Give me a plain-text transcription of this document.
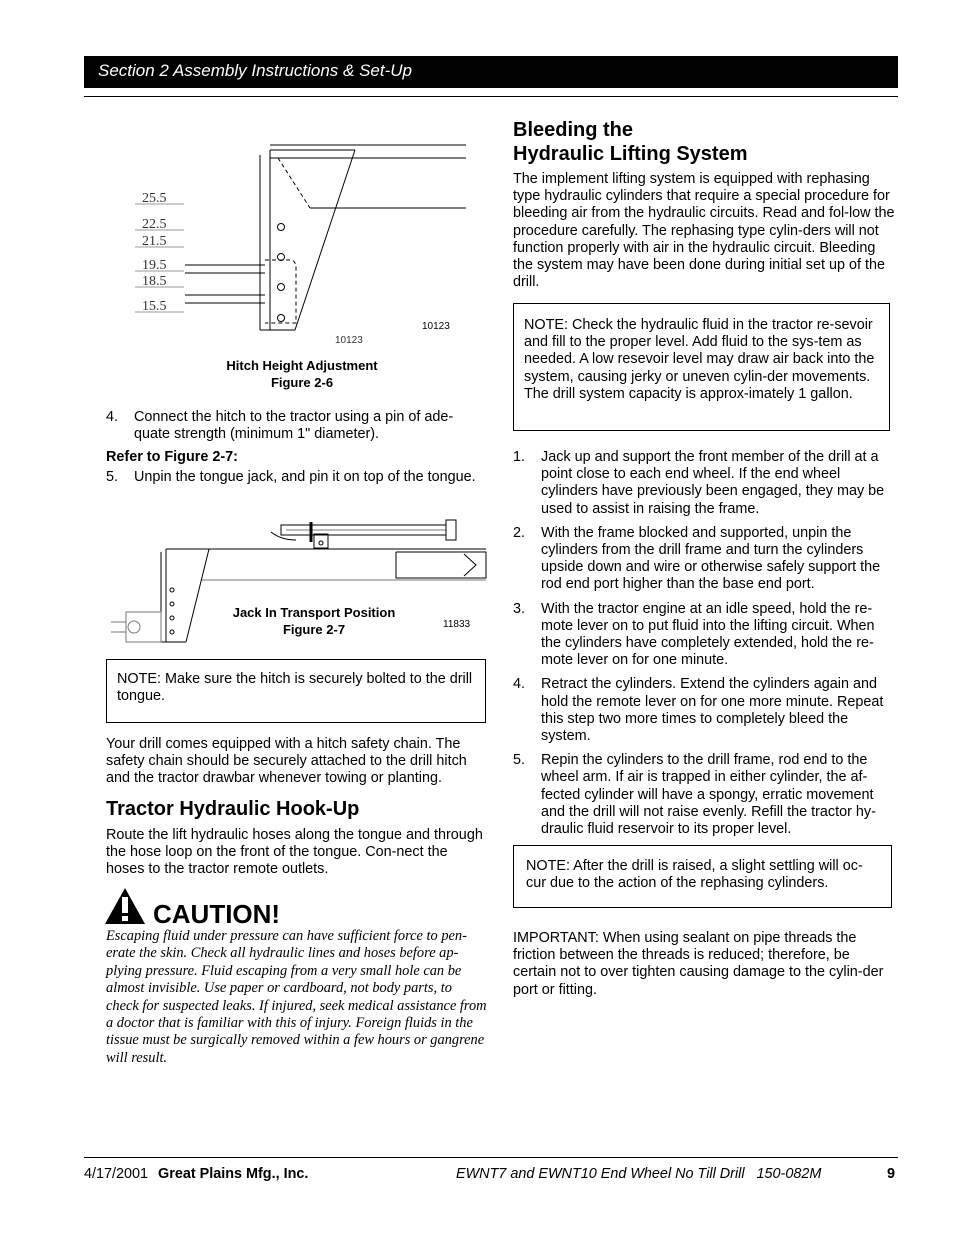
Section 2 Assembly Instructions & Set-Up
25.5
22.5
21.5
19.5
18.5
15.5
10123
10123
Hitch Height Adjustment
Figure 2-6

4. Connect the hitch to the tractor using a pin of ade-quate strength (minimum 1" diameter).

Refer to Figure 2-7:

5. Unpin the tongue jack, and pin it on top of the tongue.

11833
Jack In Transport Position
Figure 2-7
NOTE: Make sure the hitch is securely bolted to the drill tongue.

Your drill comes equipped with a hitch safety chain. The safety chain should be securely attached to the drill hitch and the tractor drawbar whenever towing or planting.

Tractor Hydraulic Hook-Up

Route the lift hydraulic hoses along the tongue and through the hose loop on the front of the tongue. Con-nect the hoses to the tractor remote outlets.

CAUTION!
Escaping fluid under pressure can have sufficient force to pen-erate the skin. Check all hydraulic lines and hoses before ap-plying pressure. Fluid escaping from a very small hole can be almost invisible. Use paper or cardboard, not body parts, to check for suspected leaks. If injured, seek medical assistance from a doctor that is familiar with this of injury. Foreign fluids in the tissue must be surgically removed within a few hours or gangrene will result.

Bleeding the

Hydraulic Lifting System

The implement lifting system is equipped with rephasing type hydraulic cylinders that require a special procedure for bleeding air from the hydraulic circuits. Read and fol-low the procedure carefully. The rephasing type cylin-ders will not function properly with air in the hydraulic circuit. Bleeding the system may have been done during initial set up of the drill.

NOTE: Check the hydraulic fluid in the tractor re-sevoir and fill to the proper level. Add fluid to the sys-tem as needed. A low resevoir level may draw air back into the system, causing jerky or uneven cylin-der movements. The drill system capacity is approx-imately 1 gallon.

1. Jack up and support the front member of the drill at a point close to each end wheel. If the end wheel cylinders have previously been engaged, they may be used to assist in raising the frame.

2. With the frame blocked and supported, unpin the cylinders from the drill frame and turn the cylinders upside down and wire or otherwise safely support the rod end port higher than the base end port.

3. With the tractor engine at an idle speed, hold the re-mote lever on to put fluid into the lifting circuit. When the cylinders have completely extended, hold the re-mote lever on for one minute.

4. Retract the cylinders. Extend the cylinders again and hold the remote lever on for one more minute. Repeat this step two more times to completely bleed the system.

5. Repin the cylinders to the drill frame, rod end to the wheel arm. If air is trapped in either cylinder, the af-fected cylinder will have a spongy, erratic movement and the drill will not raise evenly. Refill the tractor hy-draulic fluid reservoir to its proper level.

NOTE: After the drill is raised, a slight settling will oc-cur due to the action of the rephasing cylinders.

IMPORTANT: When using sealant on pipe threads the friction between the threads is reduced; therefore, be certain not to over tighten causing damage to the cylin-der port or fitting.

4/17/2001 Great Plains Mfg., Inc.	EWNT7 and EWNT10 End Wheel No Till Drill   150-082M	9
